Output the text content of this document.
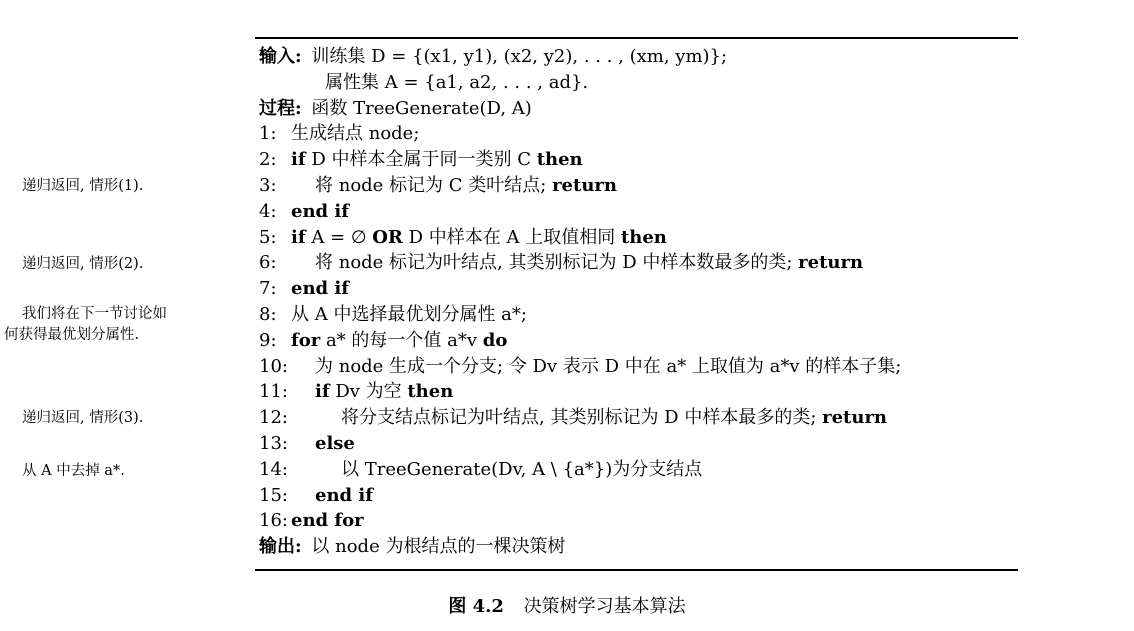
递归返回, 情形(1).
递归返回, 情形(2).
我们将在下一节讨论如
何获得最优划分属性.
递归返回, 情形(3).
从 A 中去掉 a*.
输入: 训练集 D = {(x1, y1), (x2, y2), . . . , (xm, ym)};
属性集 A = {a1, a2, . . . , ad}.
过程: 函数 TreeGenerate(D, A)
1: 生成结点 node;
2: if D 中样本全属于同一类别 C then
3:	将 node 标记为 C 类叶结点; return
4: end if
5: if A = ∅ OR D 中样本在 A 上取值相同 then
6:	将 node 标记为叶结点, 其类别标记为 D 中样本数最多的类; return
7: end if
8: 从 A 中选择最优划分属性 a*;
9: for a* 的每一个值 a*v do
10: 为 node 生成一个分支; 令 Dv 表示 D 中在 a* 上取值为 a*v 的样本子集;
11: if Dv 为空 then
12:	将分支结点标记为叶结点, 其类别标记为 D 中样本最多的类; return
13: else
14:	以 TreeGenerate(Dv, A \ {a*})为分支结点
15: end if
16: end for
输出: 以 node 为根结点的一棵决策树
图 4.2 决策树学习基本算法
